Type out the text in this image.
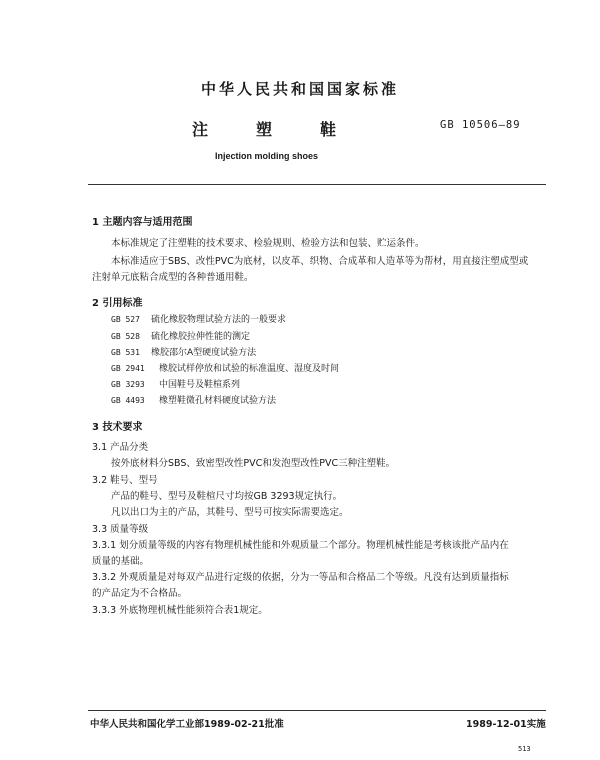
中华人民共和国国家标准
注塑鞋	GB 10506—89
Injection molding shoes
1 主题内容与适用范围
本标准规定了注塑鞋的技术要求、检验规则、检验方法和包装、贮运条件。
本标准适应于SBS、改性PVC为底材，以皮革、织物、合成革和人造革等为帮材，用直接注塑成型或
注射单元底粘合成型的各种普通用鞋。
2 引用标准
GB 527 硫化橡胶物理试验方法的一般要求
GB 528 硫化橡胶拉伸性能的测定
GB 531 橡胶邵尔A型硬度试验方法
GB 2941 橡胶试样停放和试验的标准温度、湿度及时间
GB 3293 中国鞋号及鞋楦系列
GB 4493 橡塑鞋微孔材料硬度试验方法
3 技术要求
3.1 产品分类
按外底材料分SBS、致密型改性PVC和发泡型改性PVC三种注塑鞋。
3.2 鞋号、型号
产品的鞋号、型号及鞋楦尺寸均按GB 3293规定执行。
凡以出口为主的产品，其鞋号、型号可按实际需要选定。
3.3 质量等级
3.3.1 划分质量等级的内容有物理机械性能和外观质量二个部分。物理机械性能是考核该批产品内在
质量的基础。
3.3.2 外观质量是对每双产品进行定级的依据，分为一等品和合格品二个等级。凡没有达到质量指标
的产品定为不合格品。
3.3.3 外底物理机械性能须符合表1规定。
中华人民共和国化学工业部1989-02-21批准	1989-12-01实施
513
